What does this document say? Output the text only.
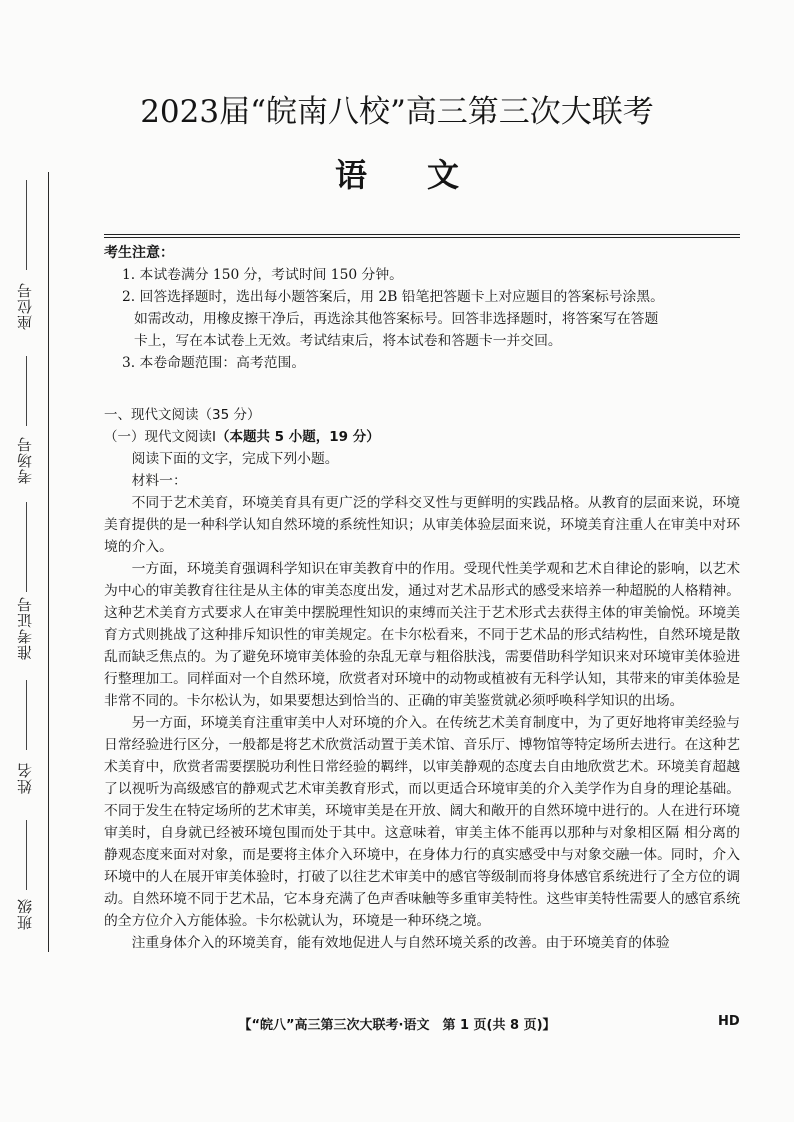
座位号
考场号
准考证号
姓名
班级
2023届“皖南八校”高三第三次大联考
语文
考生注意：

1. 本试卷满分 150 分，考试时间 150 分钟。

2. 回答选择题时，选出每小题答案后，用 2B 铅笔把答题卡上对应题目的答案标号涂黑。

如需改动，用橡皮擦干净后，再选涂其他答案标号。回答非选择题时，将答案写在答题

卡上，写在本试卷上无效。考试结束后，将本试卷和答题卡一并交回。

3. 本卷命题范围：高考范围。

一、现代文阅读（35 分）

（一）现代文阅读Ⅰ（本题共 5 小题，19 分）

阅读下面的文字，完成下列小题。

材料一：

不同于艺术美育，环境美育具有更广泛的学科交叉性与更鲜明的实践品格。从教育的层面来说，环境美育提供的是一种科学认知自然环境的系统性知识；从审美体验层面来说，环境美育注重人在审美中对环境的介入。

一方面，环境美育强调科学知识在审美教育中的作用。受现代性美学观和艺术自律论的影响，以艺术为中心的审美教育往往是从主体的审美态度出发，通过对艺术品形式的感受来培养一种超脱的人格精神。这种艺术美育方式要求人在审美中摆脱理性知识的束缚而关注于艺术形式去获得主体的审美愉悦。环境美育方式则挑战了这种排斥知识性的审美规定。在卡尔松看来，不同于艺术品的形式结构性，自然环境是散乱而缺乏焦点的。为了避免环境审美体验的杂乱无章与粗俗肤浅，需要借助科学知识来对环境审美体验进行整理加工。同样面对一个自然环境，欣赏者对环境中的动物或植被有无科学认知，其带来的审美体验是非常不同的。卡尔松认为，如果要想达到恰当的、正确的审美鉴赏就必须呼唤科学知识的出场。

另一方面，环境美育注重审美中人对环境的介入。在传统艺术美育制度中，为了更好地将审美经验与日常经验进行区分，一般都是将艺术欣赏活动置于美术馆、音乐厅、博物馆等特定场所去进行。在这种艺术美育中，欣赏者需要摆脱功利性日常经验的羁绊，以审美静观的态度去自由地欣赏艺术。环境美育超越了以视听为高级感官的静观式艺术审美教育形式，而以更适合环境审美的介入美学作为自身的理论基础。不同于发生在特定场所的艺术审美，环境审美是在开放、阔大和敞开的自然环境中进行的。人在进行环境审美时，自身就已经被环境包围而处于其中。这意味着，审美主体不能再以那种与对象相区隔 相分离的静观态度来面对对象，而是要将主体介入环境中，在身体力行的真实感受中与对象交融一体。同时，介入环境中的人在展开审美体验时，打破了以往艺术审美中的感官等级制而将身体感官系统进行了全方位的调动。自然环境不同于艺术品，它本身充满了色声香味触等多重审美特性。这些审美特性需要人的感官系统的全方位介入方能体验。卡尔松就认为，环境是一种环绕之境。

注重身体介入的环境美育，能有效地促进人与自然环境关系的改善。由于环境美育的体验

【“皖八”高三第三次大联考·语文　第 1 页(共 8 页)】	HD
